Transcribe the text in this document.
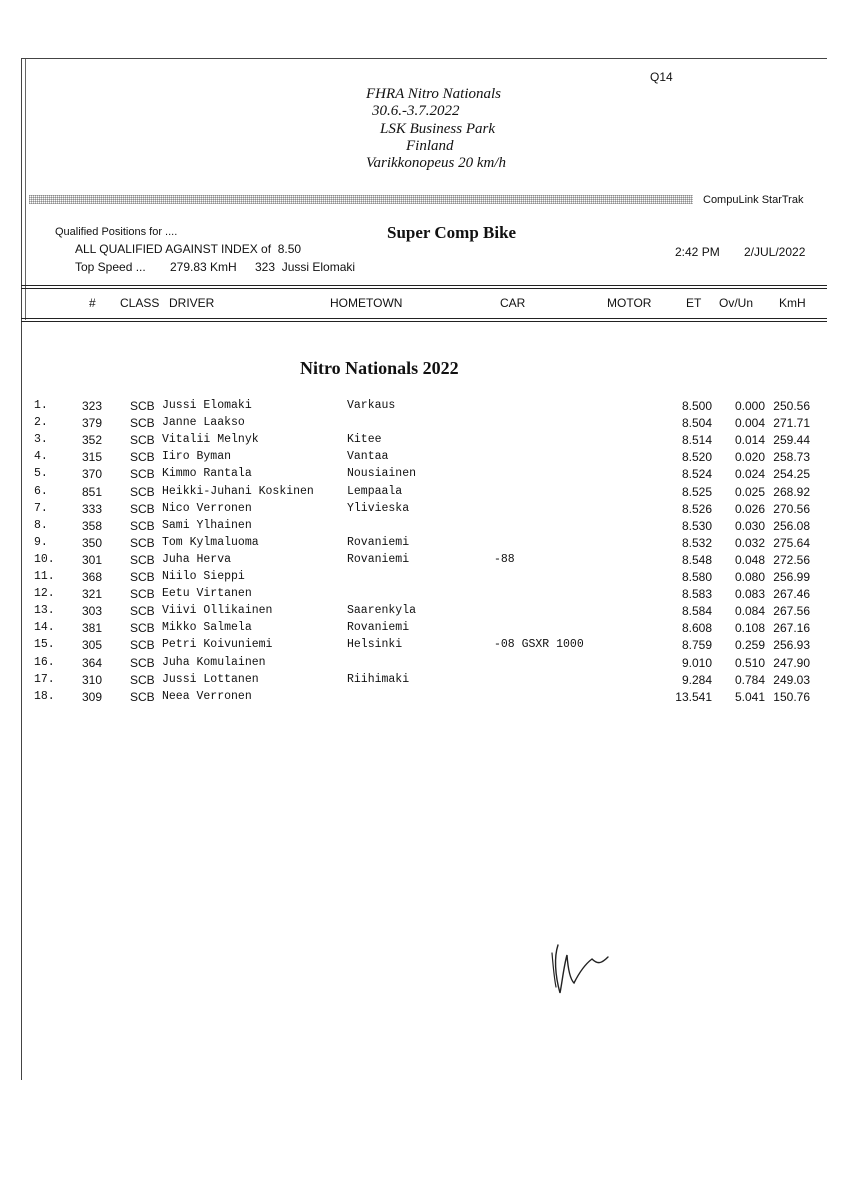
Q14
FHRA Nitro Nationals
30.6.-3.7.2022
LSK Business Park
Finland
Varikkonopeus 20 km/h
CompuLink StarTrak
Qualified Positions for ....	Super Comp Bike
ALL QUALIFIED AGAINST INDEX of  8.50	2:42 PM 2/JUL/2022
Top Speed ... 279.83 KmH 323  Jussi Elomaki
# CLASS DRIVER	HOMETOWN	CAR	MOTOR	ET Ov/Un KmH
Nitro Nationals 2022
1.	323 SCB Jussi Elomaki	Varkaus	8.500 0.000 250.56
2.	379 SCB Janne Laakso	8.504 0.004 271.71
3.	352 SCB Vitalii Melnyk	Kitee	8.514 0.014 259.44
4.	315 SCB Iiro Byman	Vantaa	8.520 0.020 258.73
5.	370 SCB Kimmo Rantala	Nousiainen	8.524 0.024 254.25
6.	851 SCB Heikki-Juhani Koskinen	Lempaala	8.525 0.025 268.92
7.	333 SCB Nico Verronen	Ylivieska	8.526 0.026 270.56
8.	358 SCB Sami Ylhainen	8.530 0.030 256.08
9.	350 SCB Tom Kylmaluoma	Rovaniemi	8.532 0.032 275.64
10. 301 SCB Juha Herva	Rovaniemi	-88	8.548 0.048 272.56
11. 368 SCB Niilo Sieppi	8.580 0.080 256.99
12. 321 SCB Eetu Virtanen	8.583 0.083 267.46
13. 303 SCB Viivi Ollikainen	Saarenkyla	8.584 0.084 267.56
14. 381 SCB Mikko Salmela	Rovaniemi	8.608 0.108 267.16
15. 305 SCB Petri Koivuniemi	Helsinki	-08 GSXR 1000	8.759 0.259 256.93
16. 364 SCB Juha Komulainen	9.010 0.510 247.90
17. 310 SCB Jussi Lottanen	Riihimaki	9.284 0.784 249.03
18. 309 SCB Neea Verronen	13.541 5.041 150.76
